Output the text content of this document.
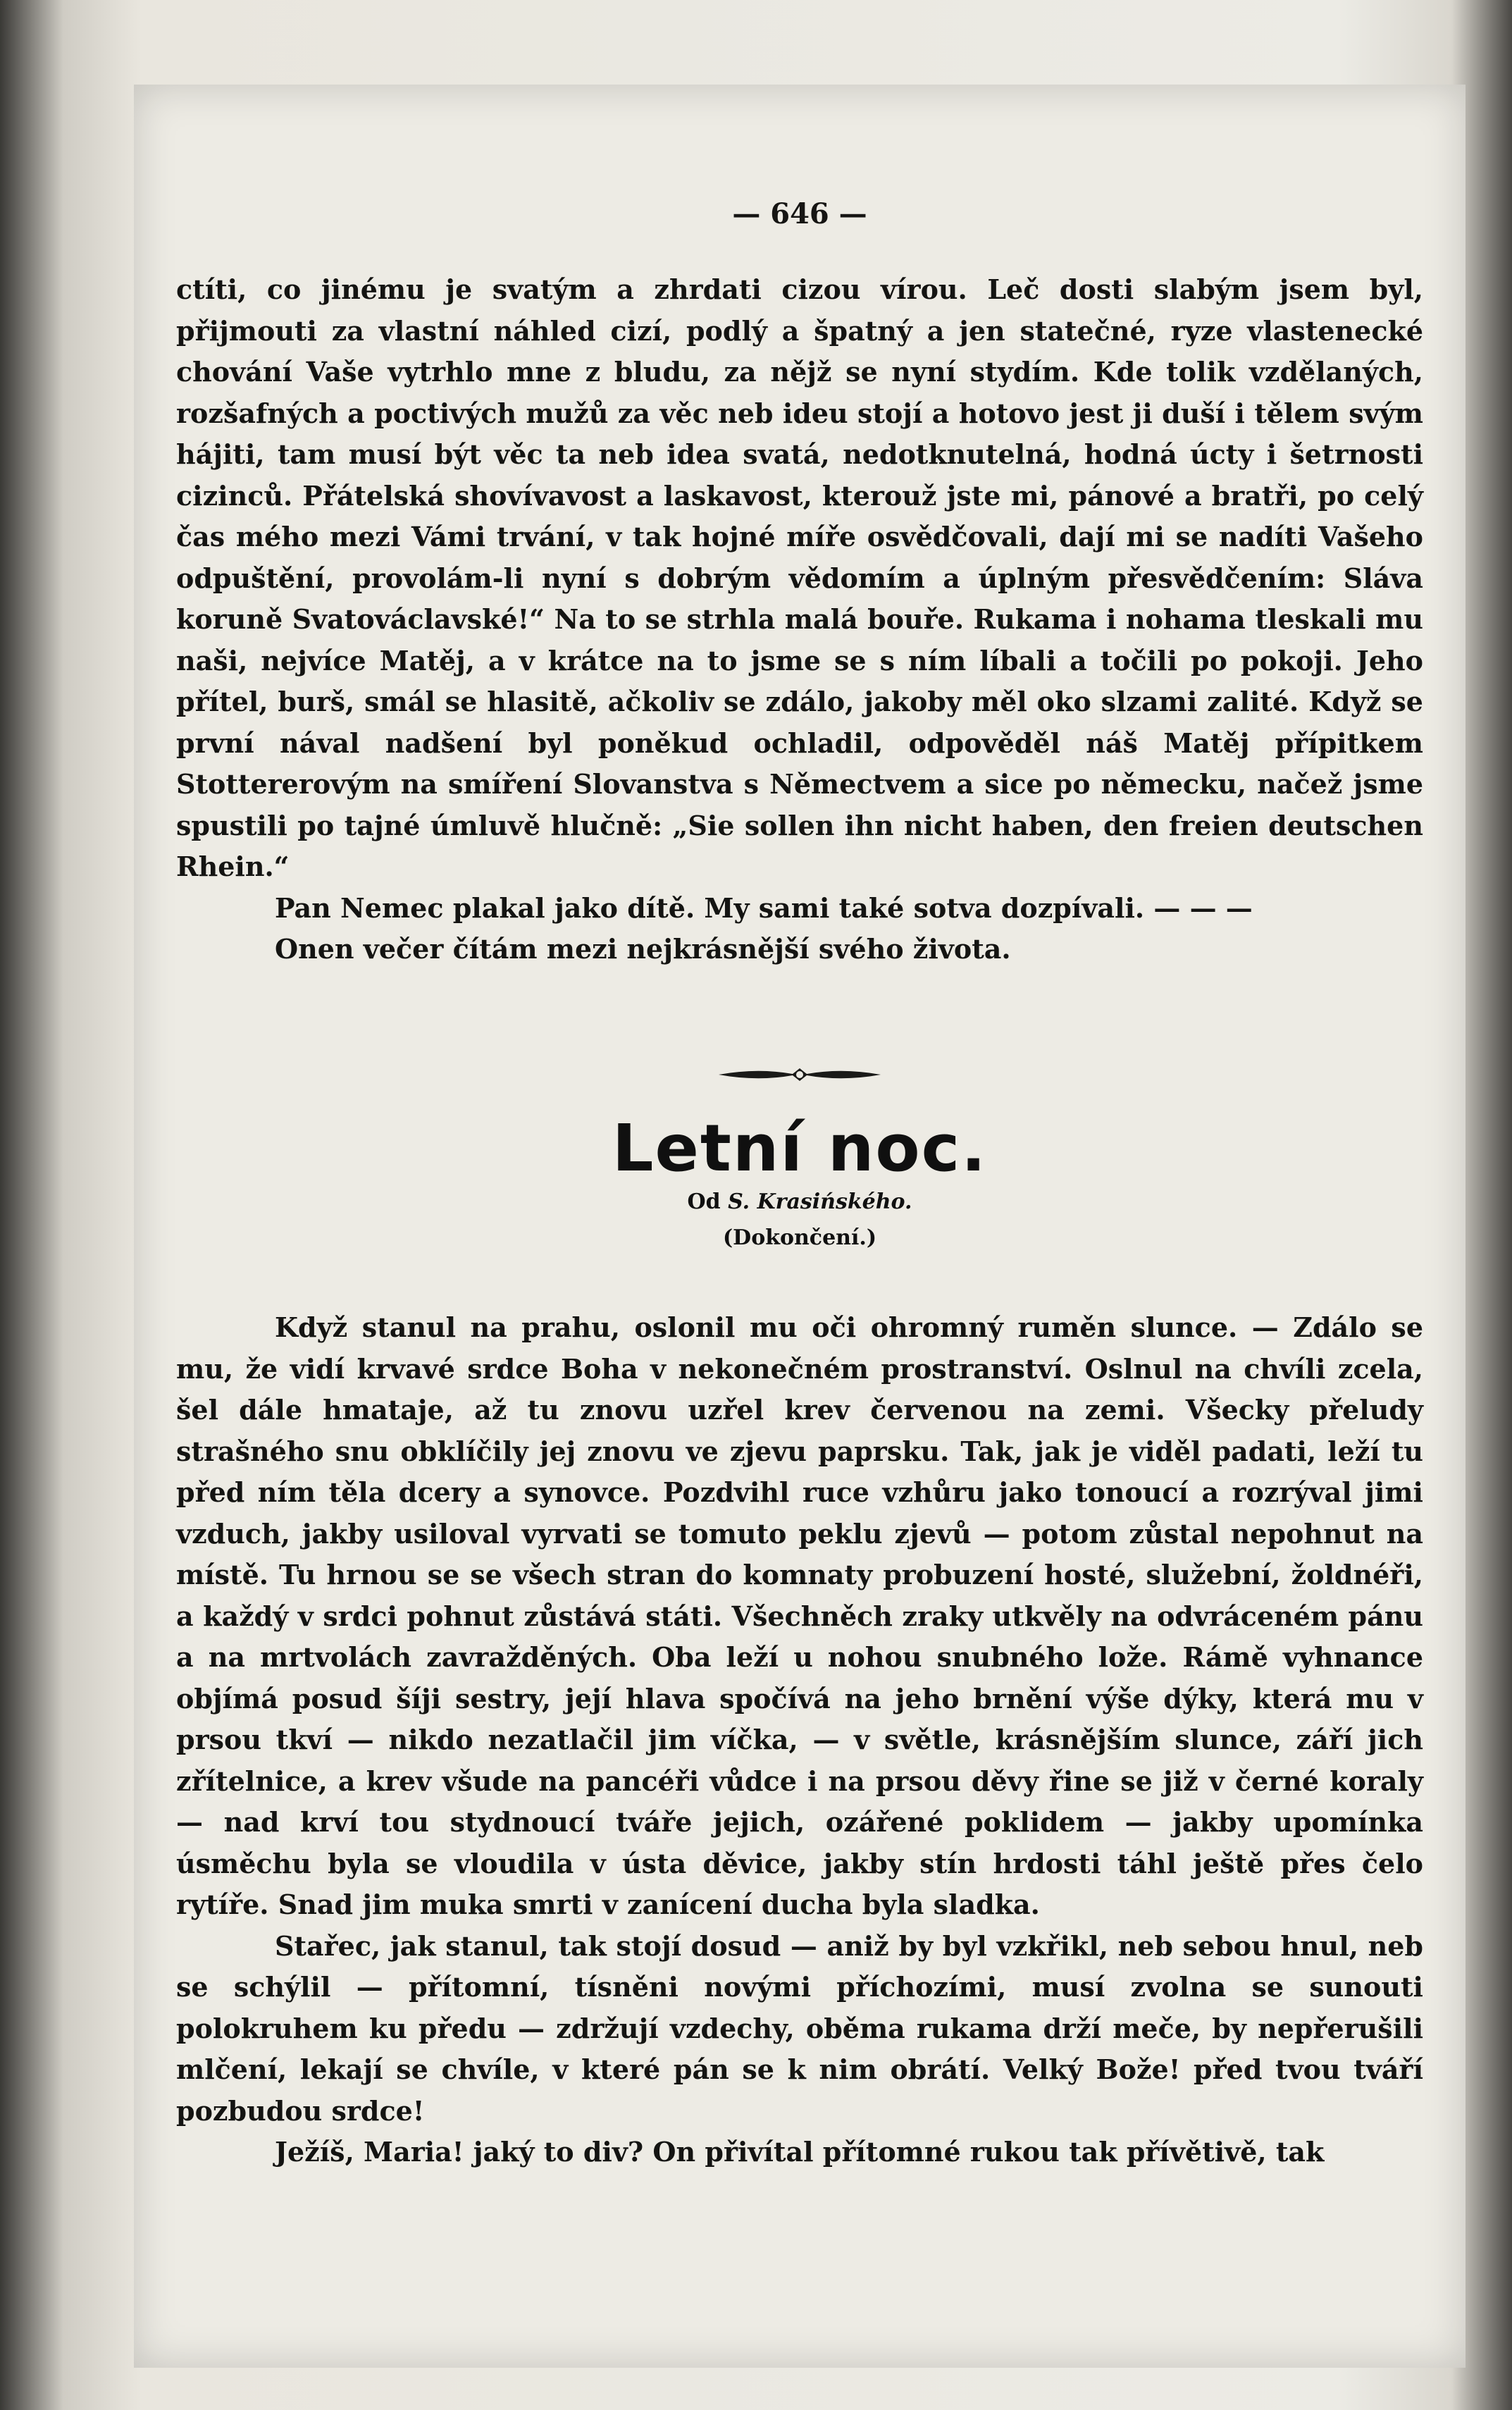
— 646 —

ctíti, co jinému je svatým a zhrdati cizou vírou. Leč dosti slabým jsem byl, přijmouti za vlastní náhled cizí, podlý a špatný a jen statečné, ryze vlastenecké chování Vaše vytrhlo mne z bludu, za nějž se nyní stydím. Kde tolik vzdělaných, rozšafných a poctivých mužů za věc neb ideu stojí a hotovo jest ji duší i tělem svým hájiti, tam musí být věc ta neb idea svatá, nedotknutelná, hodná úcty i šetrnosti cizinců. Přátelská shovívavost a laskavost, kterouž jste mi, pánové a bratři, po celý čas mého mezi Vámi trvání, v tak hojné míře osvědčovali, dají mi se nadíti Vašeho odpuštění, provolám-li nyní s dobrým vědomím a úplným přesvědčením: Sláva koruně Svatováclavské!“ Na to se strhla malá bouře. Rukama i nohama tleskali mu naši, nejvíce Matěj, a v krátce na to jsme se s ním líbali a točili po pokoji. Jeho přítel, burš, smál se hlasitě, ačkoliv se zdálo, jakoby měl oko slzami zalité. Když se první nával nadšení byl poněkud ochladil, odpověděl náš Matěj přípitkem Stottererovým na smíření Slovanstva s Němectvem a sice po německu, načež jsme spustili po tajné úmluvě hlučně: „Sie sollen ihn nicht haben, den freien deutschen Rhein.“

Pan Nemec plakal jako dítě. My sami také sotva dozpívali. — — —

Onen večer čítám mezi nejkrásnější svého života.

Letní noc.
Od S. Krasińského.
(Dokončení.)

Když stanul na prahu, oslonil mu oči ohromný ruměn slunce. — Zdálo se mu, že vidí krvavé srdce Boha v nekonečném prostranství. Oslnul na chvíli zcela, šel dále hmataje, až tu znovu uzřel krev červenou na zemi. Všecky přeludy strašného snu obklíčily jej znovu ve zjevu paprsku. Tak, jak je viděl padati, leží tu před ním těla dcery a synovce. Pozdvihl ruce vzhůru jako tonoucí a rozrýval jimi vzduch, jakby usiloval vyrvati se tomuto peklu zjevů — potom zůstal nepohnut na místě. Tu hrnou se se všech stran do komnaty probuzení hosté, služební, žoldnéři, a každý v srdci pohnut zůstává státi. Všechněch zraky utkvěly na odvráceném pánu a na mrtvolách zavražděných. Oba leží u nohou snubného lože. Rámě vyhnance objímá posud šíji sestry, její hlava spočívá na jeho brnění výše dýky, která mu v prsou tkví — nikdo nezatlačil jim víčka, — v světle, krásnějším slunce, září jich zřítelnice, a krev všude na pancéři vůdce i na prsou děvy řine se již v černé koraly — nad krví tou stydnoucí tváře jejich, ozářené poklidem — jakby upomínka úsměchu byla se vloudila v ústa děvice, jakby stín hrdosti táhl ještě přes čelo rytíře. Snad jim muka smrti v zanícení ducha byla sladka.

Stařec, jak stanul, tak stojí dosud — aniž by byl vzkřikl, neb sebou hnul, neb se schýlil — přítomní, tísněni novými příchozími, musí zvolna se sunouti polokruhem ku předu — zdržují vzdechy, oběma rukama drží meče, by nepřerušili mlčení, lekají se chvíle, v které pán se k nim obrátí. Velký Bože! před tvou tváří pozbudou srdce!

Ježíš, Maria! jaký to div? On přivítal přítomné rukou tak přívětivě, tak
